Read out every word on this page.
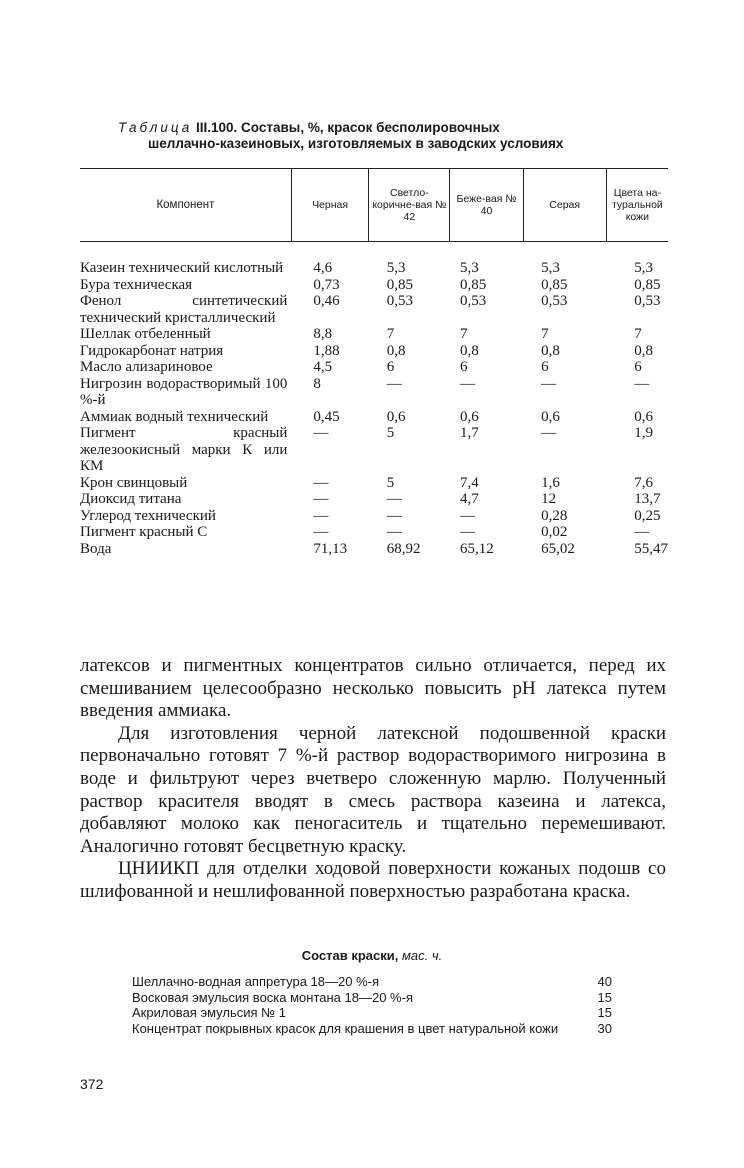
Таблица III.100. Составы, %, красок бесполировочных
шеллачно-казеиновых, изготовляемых в заводских условиях
Компонент	Черная	Светло-коричне-вая № 42	Беже-вая № 40	Серая	Цвета на-туральной кожи
Казеин технический кислотный	4,6	5,3	5,3	5,3	5,3
Бура техническая	0,73	0,85	0,85	0,85	0,85
Фенол синтетический технический кристаллический	0,46	0,53	0,53	0,53	0,53
Шеллак отбеленный	8,8	7	7	7	7
Гидрокарбонат натрия	1,88	0,8	0,8	0,8	0,8
Масло ализариновое	4,5	6	6	6	6
Нигрозин водорастворимый 100 %-й	8	—	—	—	—
Аммиак водный технический	0,45	0,6	0,6	0,6	0,6
Пигмент красный железоокисный марки К или КМ	—	5	1,7	—	1,9
Крон свинцовый	—	5	7,4	1,6	7,6
Диоксид титана	—	—	4,7	12	13,7
Углерод технический	—	—	—	0,28	0,25
Пигмент красный С	—	—	—	0,02	—
Вода	71,13	68,92	65,12	65,02	55,47

латексов и пигментных концентратов сильно отличается, перед их смешиванием целесообразно несколько повысить рН латекса путем введения аммиака.

Для изготовления черной латексной подошвенной краски первоначально готовят 7 %-й раствор водорастворимого нигрозина в воде и фильтруют через вчетверо сложенную марлю. Полученный раствор красителя вводят в смесь раствора казеина и латекса, добавляют молоко как пеногаситель и тщательно перемешивают. Аналогично готовят бесцветную краску.

ЦНИИКП для отделки ходовой поверхности кожаных подошв со шлифованной и нешлифованной поверхностью разработана краска.

Состав краски, мас. ч.
Шеллачно-водная аппретура 18—20 %-я	40
Восковая эмульсия воска монтана 18—20 %-я	15
Акриловая эмульсия № 1	15
Концентрат покрывных красок для крашения в цвет натуральной кожи	30
372
